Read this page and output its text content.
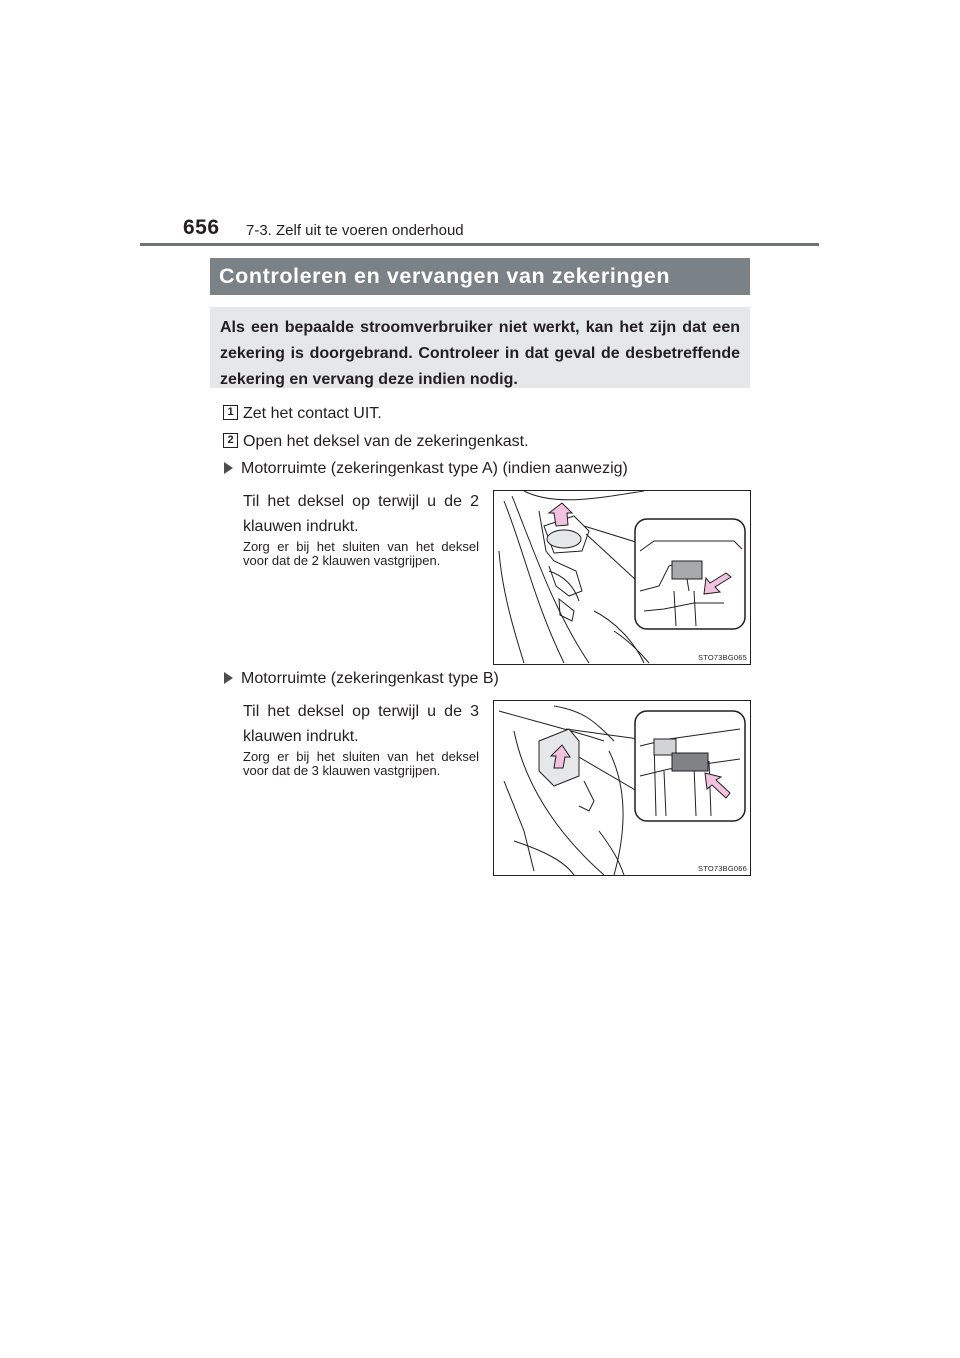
656 7-3. Zelf uit te voeren onderhoud
Controleren en vervangen van zekeringen
Als een bepaalde stroomverbruiker niet werkt, kan het zijn dat een zekering is doorgebrand. Controleer in dat geval de desbetreffende zekering en vervang deze indien nodig.
1 Zet het contact UIT.
2 Open het deksel van de zekeringenkast.
Motorruimte (zekeringenkast type A) (indien aanwezig)
Til het deksel op terwijl u de 2 klauwen indrukt.
Zorg er bij het sluiten van het deksel voor dat de 2 klauwen vastgrijpen.
STO73BG065
Motorruimte (zekeringenkast type B)
Til het deksel op terwijl u de 3 klauwen indrukt.
Zorg er bij het sluiten van het deksel voor dat de 3 klauwen vastgrijpen.
STO73BG066
